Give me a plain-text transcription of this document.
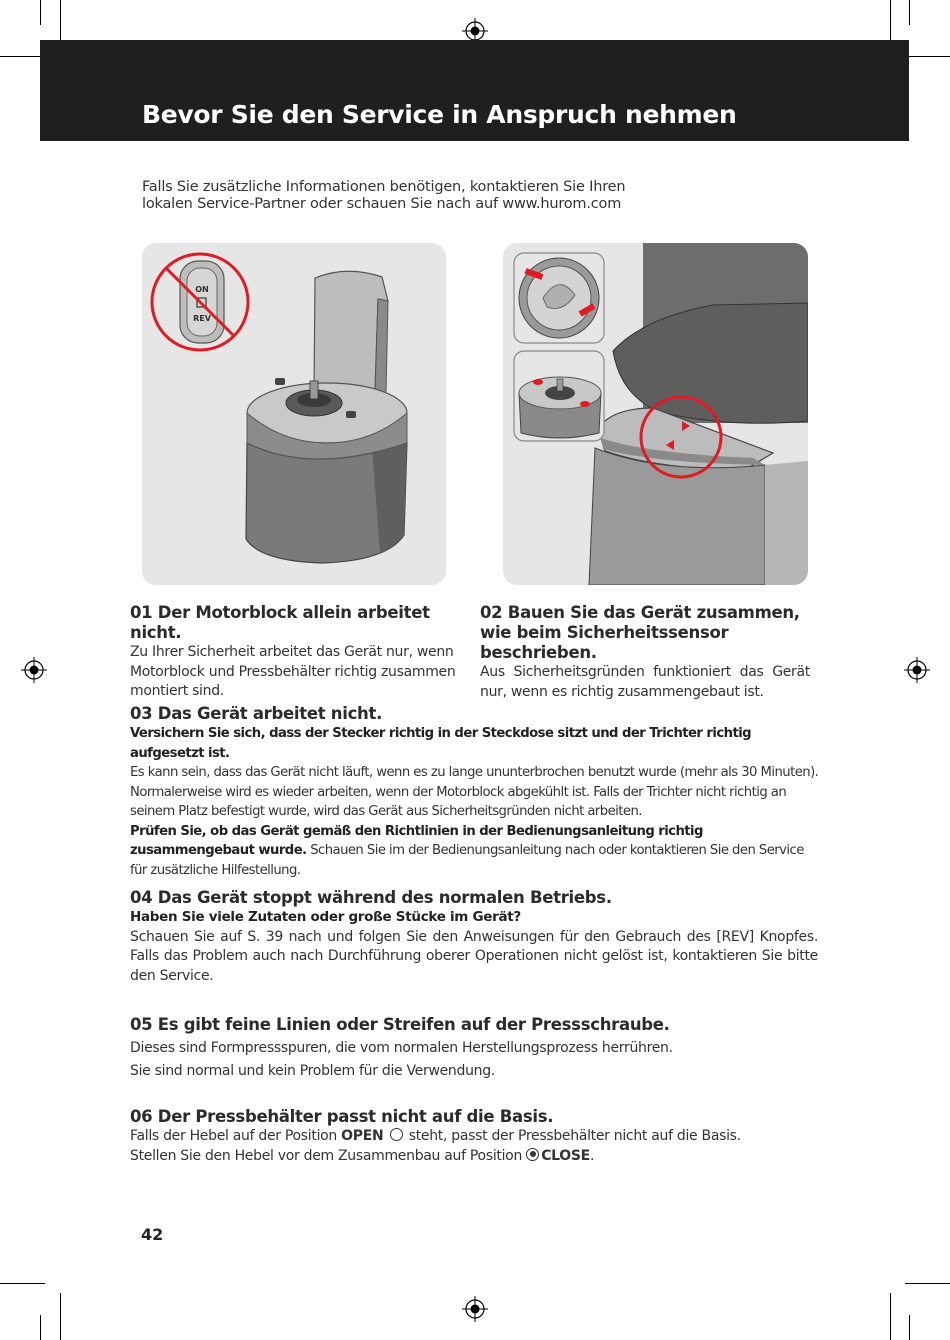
Bevor Sie den Service in Anspruch nehmen
Falls Sie zusätzliche Informationen benötigen, kontaktieren Sie Ihren
lokalen Service-Partner oder schauen Sie nach auf www.hurom.com
ON
REV
01 Der Motorblock allein arbeitet nicht.

Zu Ihrer Sicherheit arbeitet das Gerät nur, wenn Motorblock und Pressbehälter richtig zusammen montiert sind.

02 Bauen Sie das Gerät zusammen, wie beim Sicherheitssensor beschrieben.

Aus Sicherheitsgründen funktioniert das Gerät nur, wenn es richtig zusammengebaut ist.

03 Das Gerät arbeitet nicht.

Versichern Sie sich, dass der Stecker richtig in der Steckdose sitzt und der Trichter richtig aufgesetzt ist.

Es kann sein, dass das Gerät nicht läuft, wenn es zu lange ununterbrochen benutzt wurde (mehr als 30 Minuten). Normalerweise wird es wieder arbeiten, wenn der Motorblock abgekühlt ist. Falls der Trichter nicht richtig an seinem Platz befestigt wurde, wird das Gerät aus Sicherheitsgründen nicht arbeiten.

Prüfen Sie, ob das Gerät gemäß den Richtlinien in der Bedienungsanleitung richtig zusammengebaut wurde. Schauen Sie im der Bedienungsanleitung nach oder kontaktieren Sie den Service für zusätzliche Hilfestellung.

04 Das Gerät stoppt während des normalen Betriebs.

Haben Sie viele Zutaten oder große Stücke im Gerät?

Schauen Sie auf S. 39 nach und folgen Sie den Anweisungen für den Gebrauch des [REV] Knopfes. Falls das Problem auch nach Durchführung oberer Operationen nicht gelöst ist, kontaktieren Sie bitte den Service.

05 Es gibt feine Linien oder Streifen auf der Pressschraube.

Dieses sind Formpressspuren, die vom normalen Herstellungsprozess herrühren.

Sie sind normal und kein Problem für die Verwendung.

06 Der Pressbehälter passt nicht auf die Basis.

Falls der Hebel auf der Position OPEN  steht, passt der Pressbehälter nicht auf die Basis.

Stellen Sie den Hebel vor dem Zusammenbau auf Position CLOSE.

42
